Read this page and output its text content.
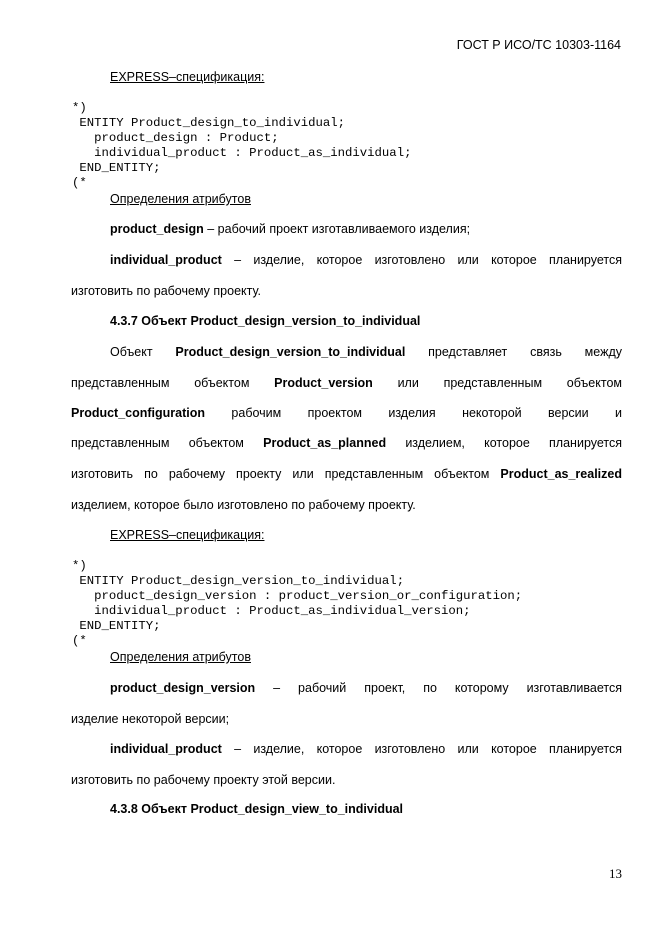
ГОСТ Р ИСО/ТС 10303-1164
EXPRESS–спецификация:
*)
ENTITY Product_design_to_individual;
product_design : Product;
individual_product : Product_as_individual;
END_ENTITY;
(*
Определения атрибутов
product_design – рабочий проект изготавливаемого изделия;
individual_product – изделие, которое изготовлено или которое планируется
изготовить по рабочему проекту.
4.3.7 Объект Product_design_version_to_individual
Объект Product_design_version_to_individual представляет связь между
представленным объектом Product_version или представленным объектом
Product_configuration рабочим проектом изделия некоторой версии и
представленным объектом Product_as_planned изделием, которое планируется
изготовить по рабочему проекту или представленным объектом Product_as_realized
изделием, которое было изготовлено по рабочему проекту.
EXPRESS–спецификация:
*)
ENTITY Product_design_version_to_individual;
product_design_version : product_version_or_configuration;
individual_product : Product_as_individual_version;
END_ENTITY;
(*
Определения атрибутов
product_design_version – рабочий проект, по которому изготавливается
изделие некоторой версии;
individual_product – изделие, которое изготовлено или которое планируется
изготовить по рабочему проекту этой версии.
4.3.8 Объект Product_design_view_to_individual
13
